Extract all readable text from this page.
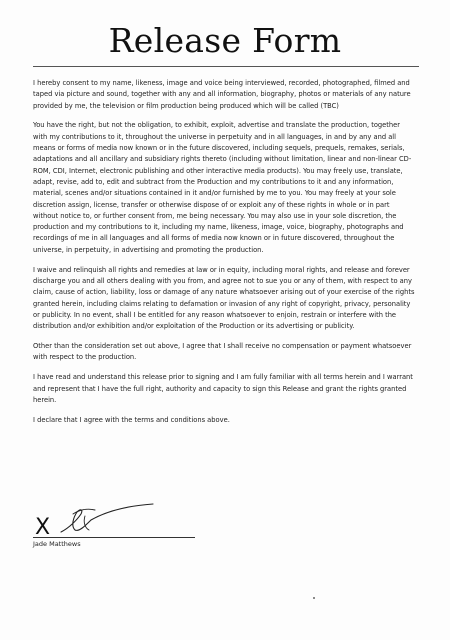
Release Form

I hereby consent to my name, likeness, image and voice being interviewed, recorded, photographed, filmed and taped via picture and sound, together with any and all information, biography, photos or materials of any nature provided by me, the television or film production being produced which will be called (TBC)

You have the right, but not the obligation, to exhibit, exploit, advertise and translate the production, together with my contributions to it, throughout the universe in perpetuity and in all languages, in and by any and all means or forms of media now known or in the future discovered, including sequels, prequels, remakes, serials, adaptations and all ancillary and subsidiary rights thereto (including without limitation, linear and non-linear CD-ROM, CDI, Internet, electronic publishing and other interactive media products). You may freely use, translate, adapt, revise, add to, edit and subtract from the Production and my contributions to it and any information, material, scenes and/or situations contained in it and/or furnished by me to you. You may freely at your sole discretion assign, license, transfer or otherwise dispose of or exploit any of these rights in whole or in part without notice to, or further consent from, me being necessary. You may also use in your sole discretion, the production and my contributions to it, including my name, likeness, image, voice, biography, photographs and recordings of me in all languages and all forms of media now known or in future discovered, throughout the universe, in perpetuity, in advertising and promoting the production.

I waive and relinquish all rights and remedies at law or in equity, including moral rights, and release and forever discharge you and all others dealing with you from, and agree not to sue you or any of them, with respect to any claim, cause of action, liability, loss or damage of any nature whatsoever arising out of your exercise of the rights granted herein, including claims relating to defamation or invasion of any right of copyright, privacy, personality or publicity. In no event, shall I be entitled for any reason whatsoever to enjoin, restrain or interfere with the distribution and/or exhibition and/or exploitation of the Production or its advertising or publicity.

Other than the consideration set out above, I agree that I shall receive no compensation or payment whatsoever with respect to the production.

I have read and understand this release prior to signing and I am fully familiar with all terms herein and I warrant and represent that I have the full right, authority and capacity to sign this Release and grant the rights granted herein.

I declare that I agree with the terms and conditions above.

X
Jade Matthews
